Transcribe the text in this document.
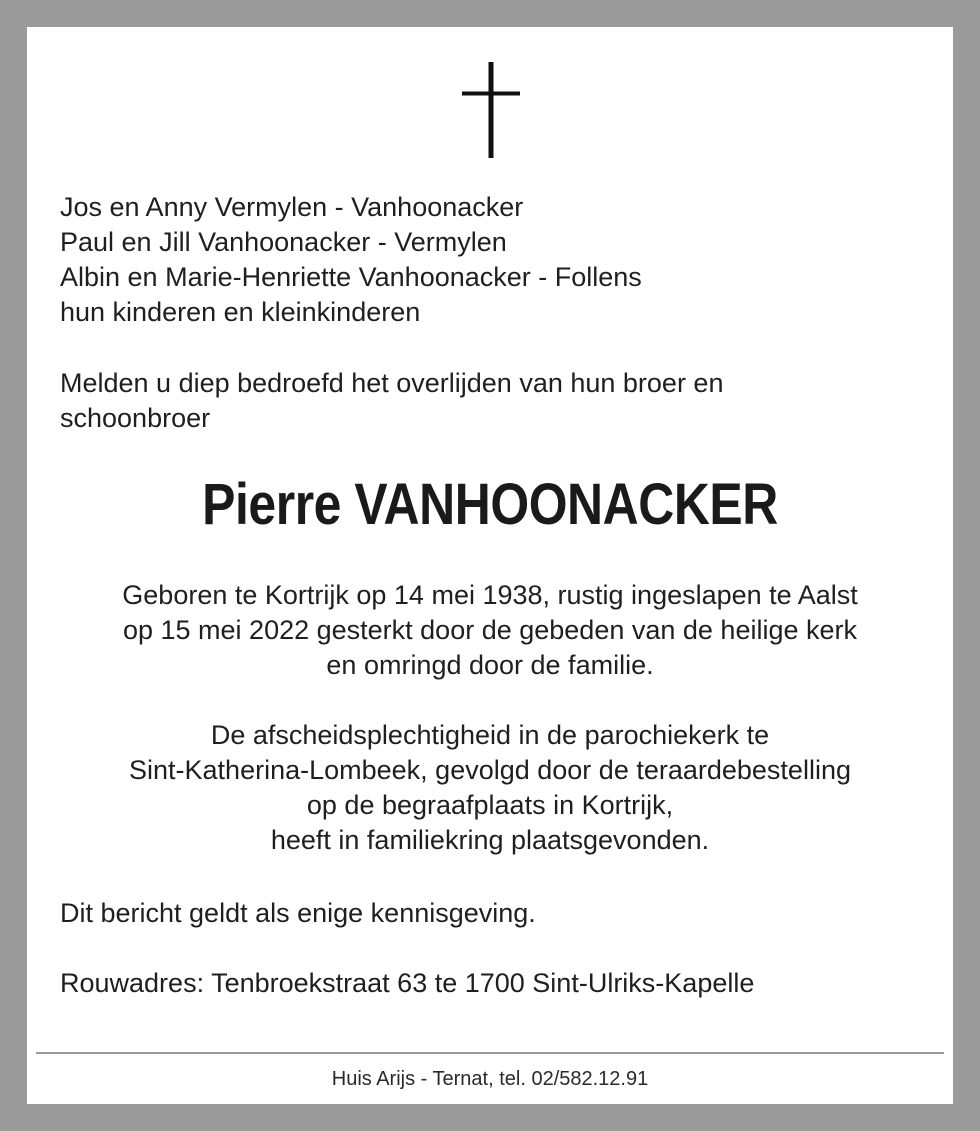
Jos en Anny Vermylen - Vanhoonacker
Paul en Jill Vanhoonacker - Vermylen
Albin en Marie-Henriette Vanhoonacker - Follens
hun kinderen en kleinkinderen
Melden u diep bedroefd het overlijden van hun broer en
schoonbroer
Pierre VANHOONACKER
Geboren te Kortrijk op 14 mei 1938, rustig ingeslapen te Aalst
op 15 mei 2022 gesterkt door de gebeden van de heilige kerk
en omringd door de familie.
De afscheidsplechtigheid in de parochiekerk te
Sint-Katherina-Lombeek, gevolgd door de teraardebestelling
op de begraafplaats in Kortrijk,
heeft in familiekring plaatsgevonden.
Dit bericht geldt als enige kennisgeving.
Rouwadres: Tenbroekstraat 63 te 1700 Sint-Ulriks-Kapelle
Huis Arijs - Ternat, tel. 02/582.12.91
